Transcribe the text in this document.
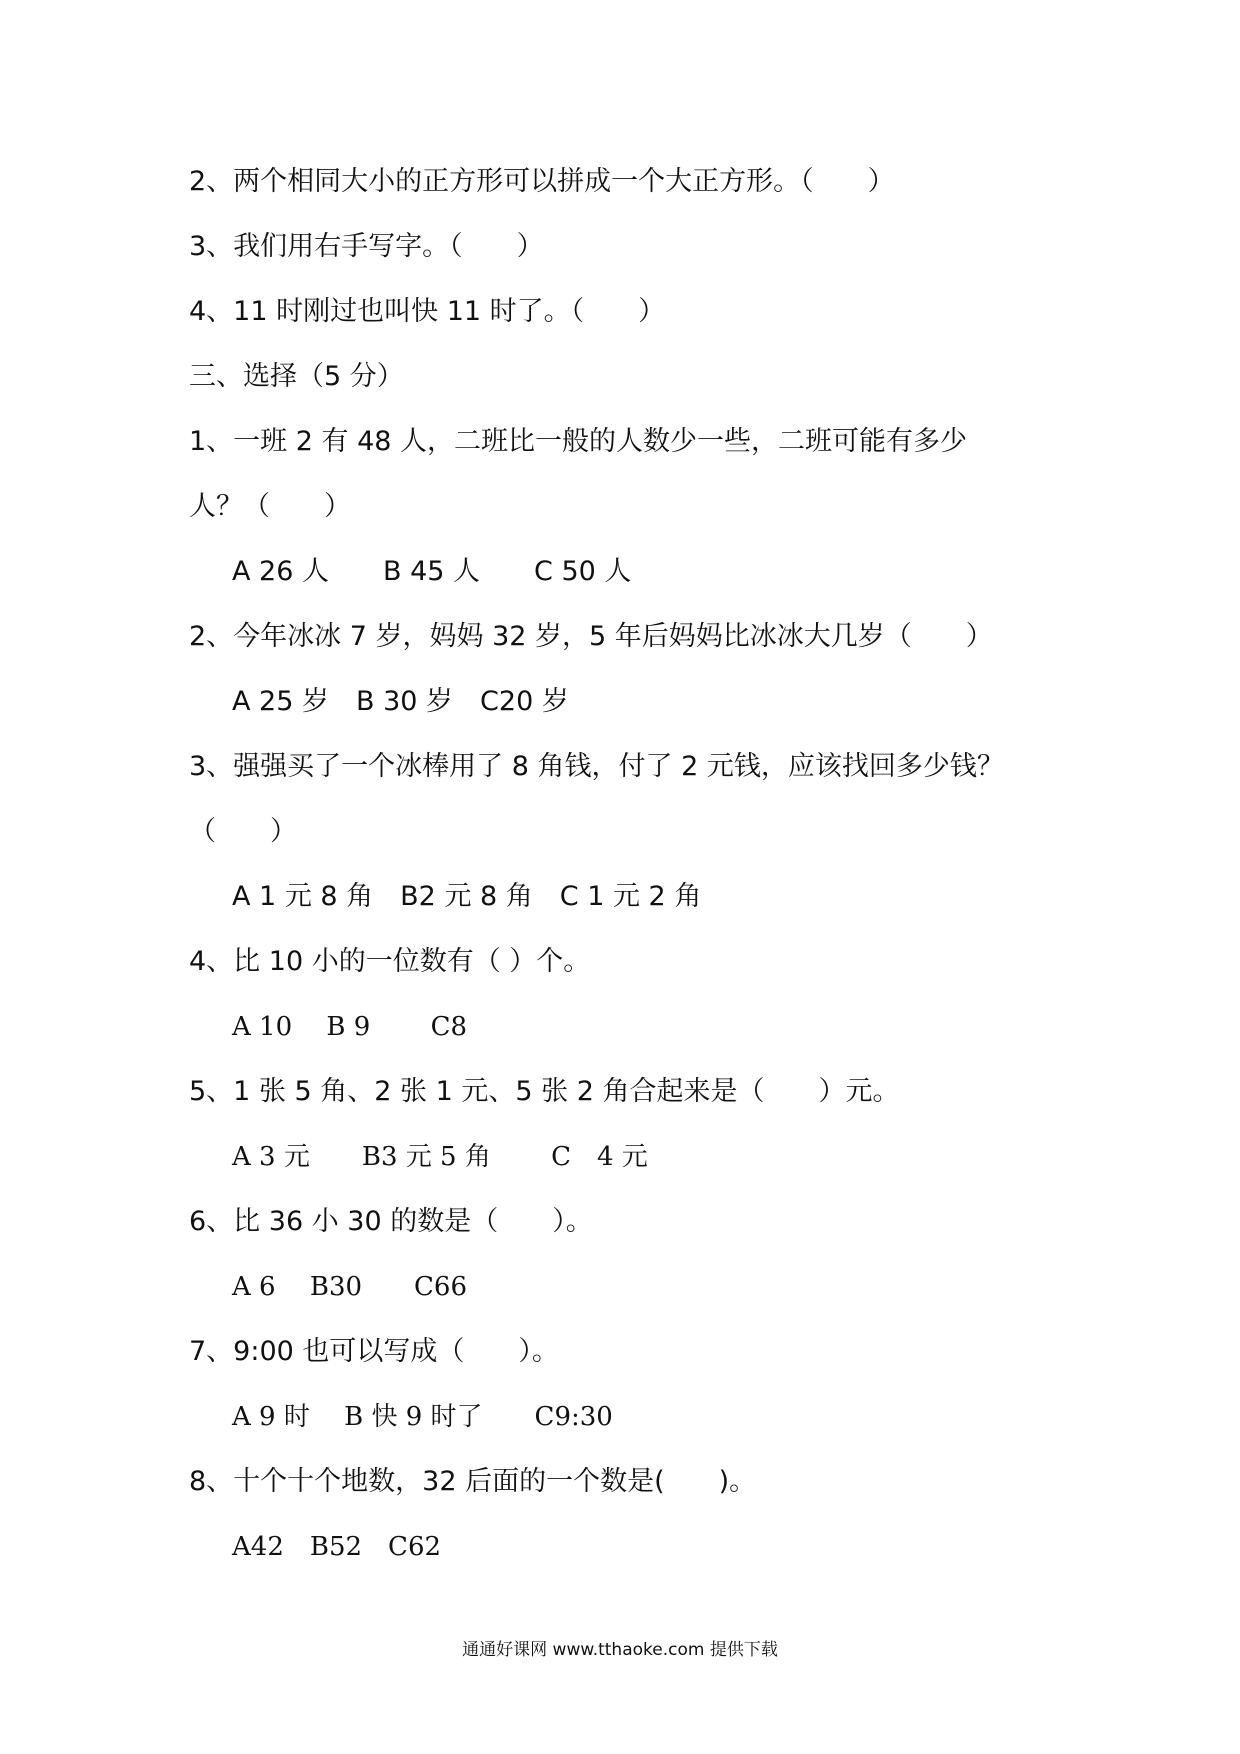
2、两个相同大小的正方形可以拼成一个大正方形。（　　）
3、我们用右手写字。（　　）
4、11 时刚过也叫快 11 时了。（　　）
三、选择（5 分）
1、一班 2 有 48 人，二班比一般的人数少一些，二班可能有多少
人？（　　）
A 26 人　　B 45 人　　C 50 人
2、今年冰冰 7 岁，妈妈 32 岁，5 年后妈妈比冰冰大几岁（　　）
A 25 岁　B 30 岁　C20 岁
3、强强买了一个冰棒用了 8 角钱，付了 2 元钱，应该找回多少钱？
（　　）
A 1 元 8 角　B2 元 8 角　C 1 元 2 角
4、比 10 小的一位数有（ ）个。
A 10　 B 9　　 C8
5、1 张 5 角、2 张 1 元、5 张 2 角合起来是（　　）元。
A 3 元　　B3 元 5 角　　 C　4 元
6、比 36 小 30 的数是（　　）。
A 6　 B30　　C66
7、9:00 也可以写成（　　）。
A 9 时　 B 快 9 时了　　C9:30
8、十个十个地数，32 后面的一个数是(　　)。
A42　B52　C62
通通好课网 www.tthaoke.com 提供下载
